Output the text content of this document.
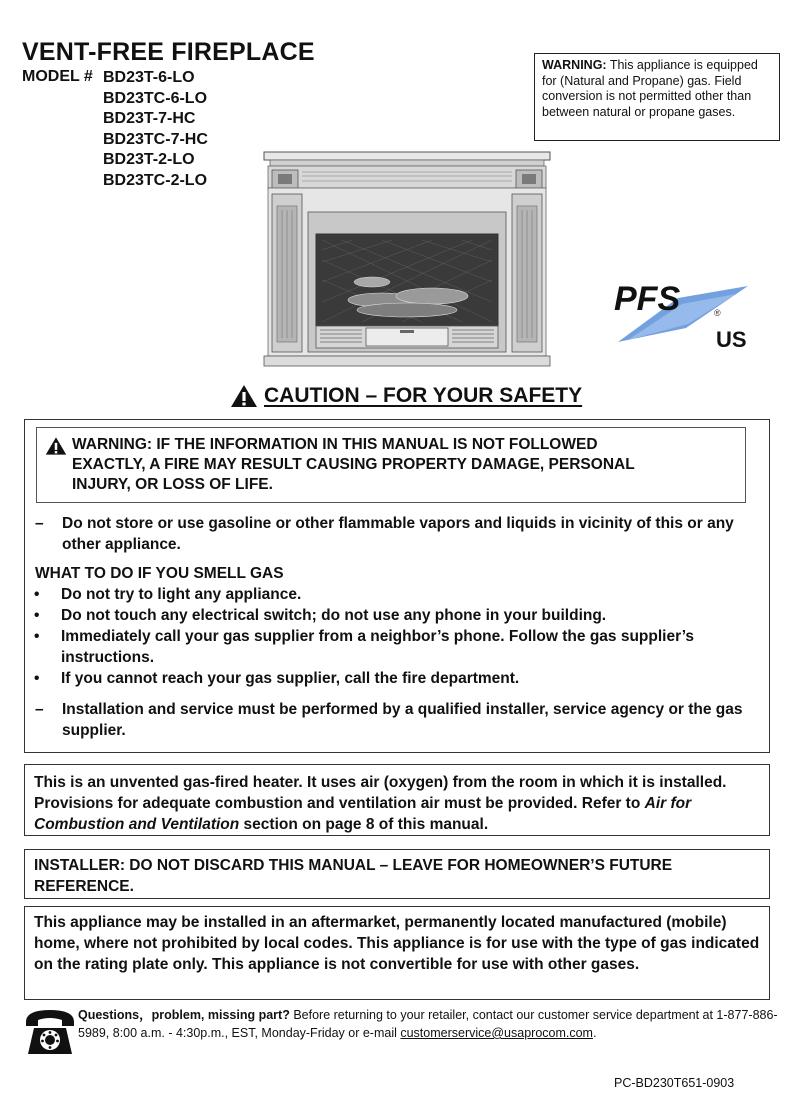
VENT-FREE FIREPLACE
MODEL # BD23T-6-LO
BD23TC-6-LO
BD23T-7-HC
BD23TC-7-HC
BD23T-2-LO
BD23TC-2-LO
WARNING: This appliance is equipped for (Natural and Propane) gas. Field conversion is not permitted other than between natural or propane gases.
PFS	®
US
CAUTION – FOR YOUR SAFETY
WARNING: IF THE INFORMATION IN THIS MANUAL IS NOT FOLLOWED
EXACTLY, A FIRE MAY RESULT CAUSING PROPERTY DAMAGE, PERSONAL
INJURY, OR LOSS OF LIFE.
–	Do not store or use gasoline or other flammable vapors and liquids in vicinity of this or any other appliance.
WHAT TO DO IF YOU SMELL GAS
•	Do not try to light any appliance.
•	Do not touch any electrical switch; do not use any phone in your building.
•	Immediately call your gas supplier from a neighbor’s phone. Follow the gas supplier’s instructions.
•	If you cannot reach your gas supplier, call the fire department.
–	Installation and service must be performed by a qualified installer, service agency or the gas supplier.
This is an unvented gas-fired heater. It uses air (oxygen) from the room in which it is installed. Provisions for adequate combustion and ventilation air must be provided. Refer to Air for Combustion and Ventilation section on page 8 of this manual.
INSTALLER: DO NOT DISCARD THIS MANUAL – LEAVE FOR HOMEOWNER’S FUTURE REFERENCE.
This appliance may be installed in an aftermarket, permanently located manufactured (mobile) home, where not prohibited by local codes. This appliance is for use with the type of gas indicated on the rating plate only. This appliance is not convertible for use with other gases.
Questions，problem, missing part? Before returning to your retailer, contact our customer service department at 1-877-886-5989, 8:00 a.m. - 4:30p.m., EST, Monday-Friday or e-mail customerservice@usaprocom.com.
PC-BD230T651-0903
